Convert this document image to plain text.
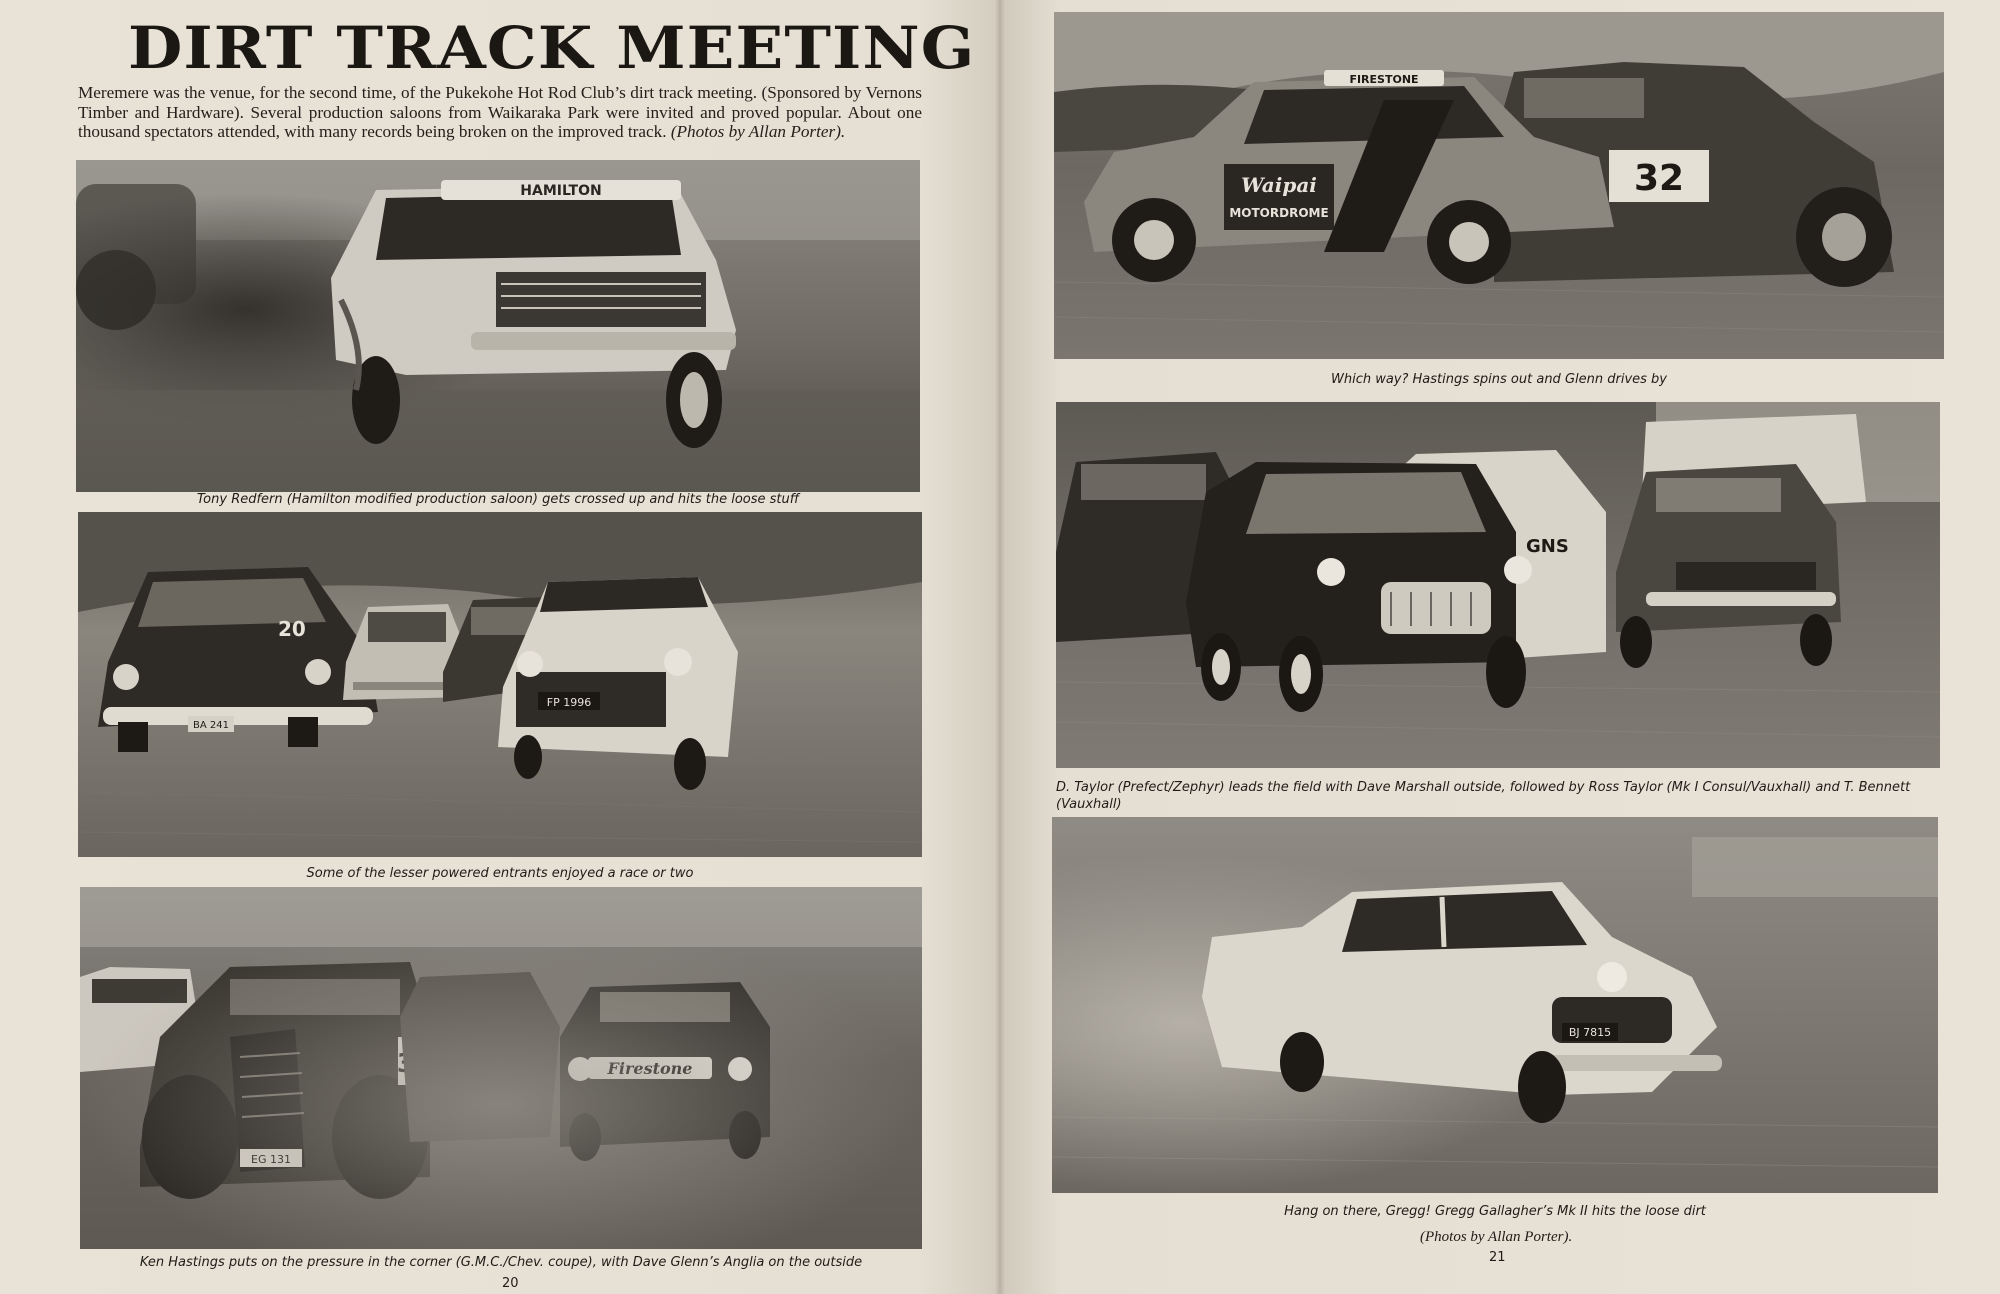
DIRT TRACK MEETING

Meremere was the venue, for the second time, of the Pukekohe Hot Rod Club’s dirt track meeting. (Sponsored by Vernons Timber and Hardware). Several production saloons from Waikaraka Park were invited and proved popular. About one thousand spectators attended, with many records being broken on the improved track. (Photos by Allan Porter).

HAMILTON

Tony Redfern (Hamilton modified production saloon) gets crossed up and hits the loose stuff

BA 241
20
FP 1996

Some of the lesser powered entrants enjoyed a race or two

Ken Hastings puts on the pressure in the corner (G.M.C./Chev. coupe), with Dave Glenn’s Anglia on the outside

20
32
FIRESTONE
Waipai
MOTORDROME

Which way? Hastings spins out and Glenn drives by

GNS

D. Taylor (Prefect/Zephyr) leads the field with Dave Marshall outside, followed by Ross Taylor (Mk I Consul/Vauxhall) and T. Bennett (Vauxhall)

BJ 7815

Hang on there, Gregg! Gregg Gallagher’s Mk II hits the loose dirt

(Photos by Allan Porter).
21
